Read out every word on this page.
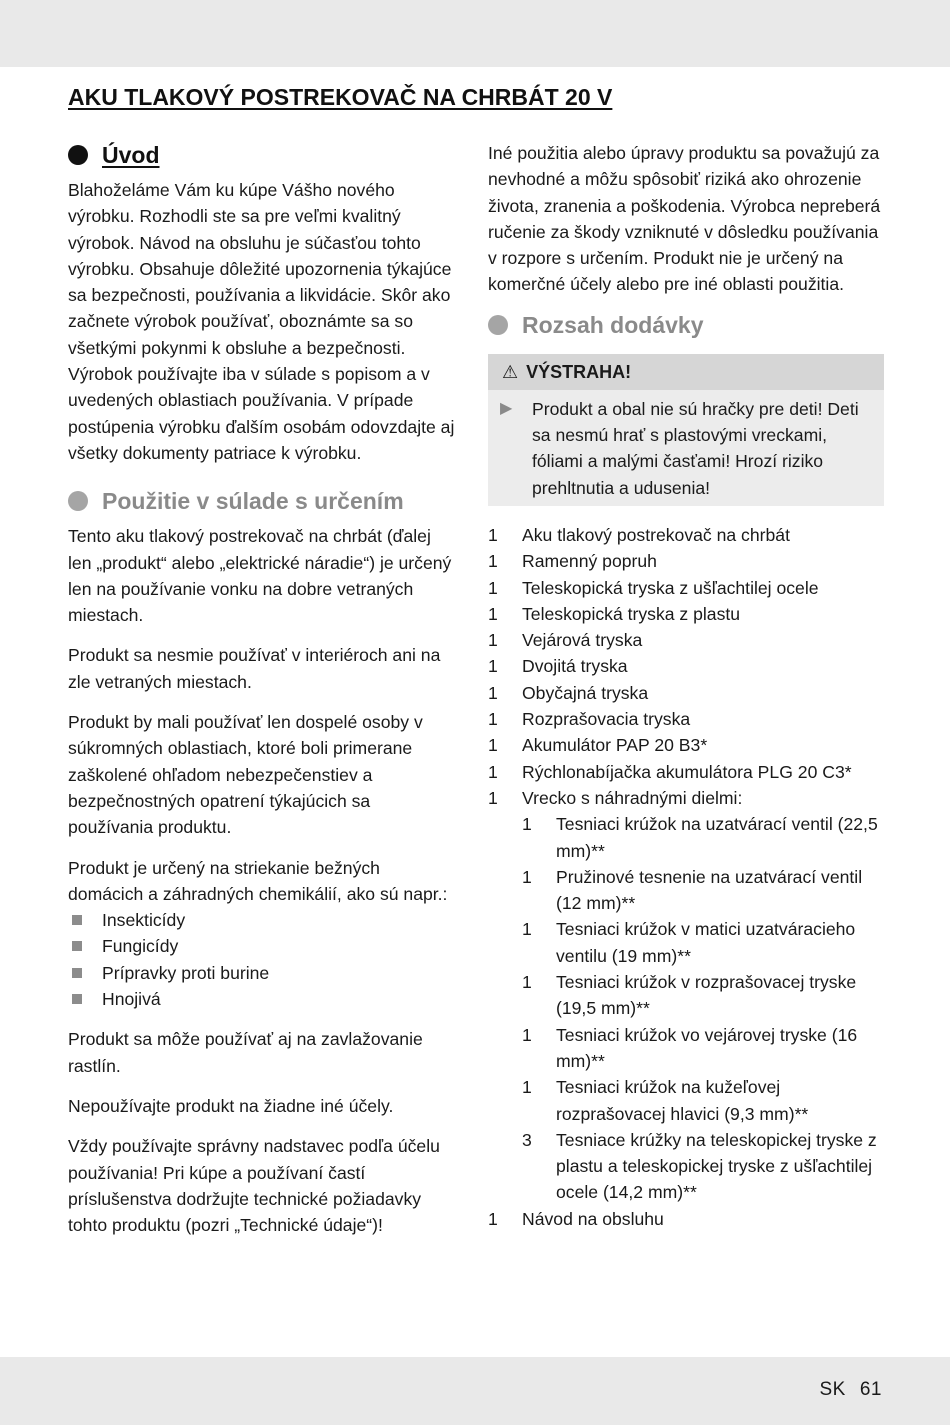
AKU TLAKOVÝ POSTREKOVAČ NA CHRBÁT 20 V
Úvod

Blahoželáme Vám ku kúpe Vášho nového výrobku. Rozhodli ste sa pre veľmi kvalitný výrobok. Návod na obsluhu je súčasťou tohto výrobku. Obsahuje dôležité upozornenia týkajúce sa bezpečnosti, používania a likvidácie. Skôr ako začnete výrobok používať, oboznámte sa so všetkými pokynmi k obsluhe a bezpečnosti. Výrobok používajte iba v súlade s popisom a v uvedených oblastiach používania. V prípade postúpenia výrobku ďalším osobám odovzdajte aj všetky dokumenty patriace k výrobku.

Použitie v súlade s určením

Tento aku tlakový postrekovač na chrbát (ďalej len „produkt“ alebo „elektrické náradie“) je určený len na používanie vonku na dobre vetraných miestach.

Produkt sa nesmie používať v interiéroch ani na zle vetraných miestach.

Produkt by mali používať len dospelé osoby v súkromných oblastiach, ktoré boli primerane zaškolené ohľadom nebezpečenstiev a bezpečnostných opatrení týkajúcich sa používania produktu.

Produkt je určený na striekanie bežných domácich a záhradných chemikálií, ako sú napr.:

Insekticídy
Fungicídy
Prípravky proti burine
Hnojivá

Produkt sa môže používať aj na zavlažovanie rastlín.

Nepoužívajte produkt na žiadne iné účely.

Vždy používajte správny nadstavec podľa účelu používania! Pri kúpe a používaní častí príslušenstva dodržujte technické požiadavky tohto produktu (pozri „Technické údaje“)!

Iné použitia alebo úpravy produktu sa považujú za nevhodné a môžu spôsobiť riziká ako ohrozenie života, zranenia a poškodenia. Výrobca nepreberá ručenie za škody vzniknuté v dôsledku používania v rozpore s určením. Produkt nie je určený na komerčné účely alebo pre iné oblasti použitia.

Rozsah dodávky
⚠ VÝSTRAHA!
▶	Produkt a obal nie sú hračky pre deti! Deti sa nesmú hrať s plastovými vreckami, fóliami a malými časťami! Hrozí riziko prehltnutia a udusenia!
1	Aku tlakový postrekovač na chrbát
1	Ramenný popruh
1	Teleskopická tryska z ušľachtilej ocele
1	Teleskopická tryska z plastu
1	Vejárová tryska
1	Dvojitá tryska
1	Obyčajná tryska
1	Rozprašovacia tryska
1	Akumulátor PAP 20 B3*
1	Rýchlonabíjačka akumulátora PLG 20 C3*
1	Vrecko s náhradnými dielmi:
1	Tesniaci krúžok na uzatvárací ventil (22,5 mm)**
1	Pružinové tesnenie na uzatvárací ventil (12 mm)**
1	Tesniaci krúžok v matici uzatváracieho ventilu (19 mm)**
1	Tesniaci krúžok v rozprašovacej tryske (19,5 mm)**
1	Tesniaci krúžok vo vejárovej tryske (16 mm)**
1	Tesniaci krúžok na kužeľovej rozprašovacej hlavici (9,3 mm)**
3	Tesniace krúžky na teleskopickej tryske z plastu a teleskopickej tryske z ušľachtilej ocele (14,2 mm)**
1	Návod na obsluhu
SK 61
